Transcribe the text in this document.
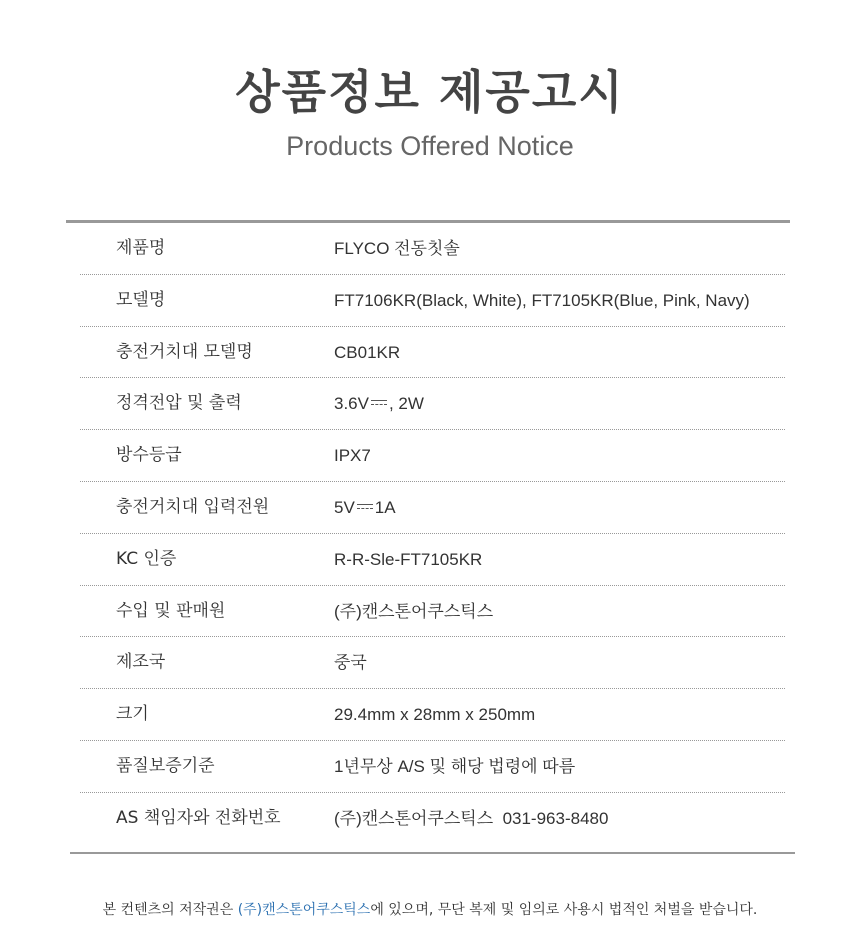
상품정보 제공고시
Products Offered Notice
제품명	FLYCO 전동칫솔
모델명	FT7106KR(Black, White), FT7105KR(Blue, Pink, Navy)
충전거치대 모델명	CB01KR
정격전압 및 출력	3.6V , 2W
방수등급	IPX7
충전거치대 입력전원	5V 1A
KC 인증	R-R-Sle-FT7105KR
수입 및 판매원	(주)캔스톤어쿠스틱스
제조국	중국
크기	29.4mm x 28mm x 250mm
품질보증기준	1년무상 A/S 및 해당 법령에 따름
AS 책임자와 전화번호	(주)캔스톤어쿠스틱스  031-963-8480
본 컨텐츠의 저작권은 (주)캔스톤어쿠스틱스에 있으며, 무단 복제 및 임의로 사용시 법적인 처벌을 받습니다.
